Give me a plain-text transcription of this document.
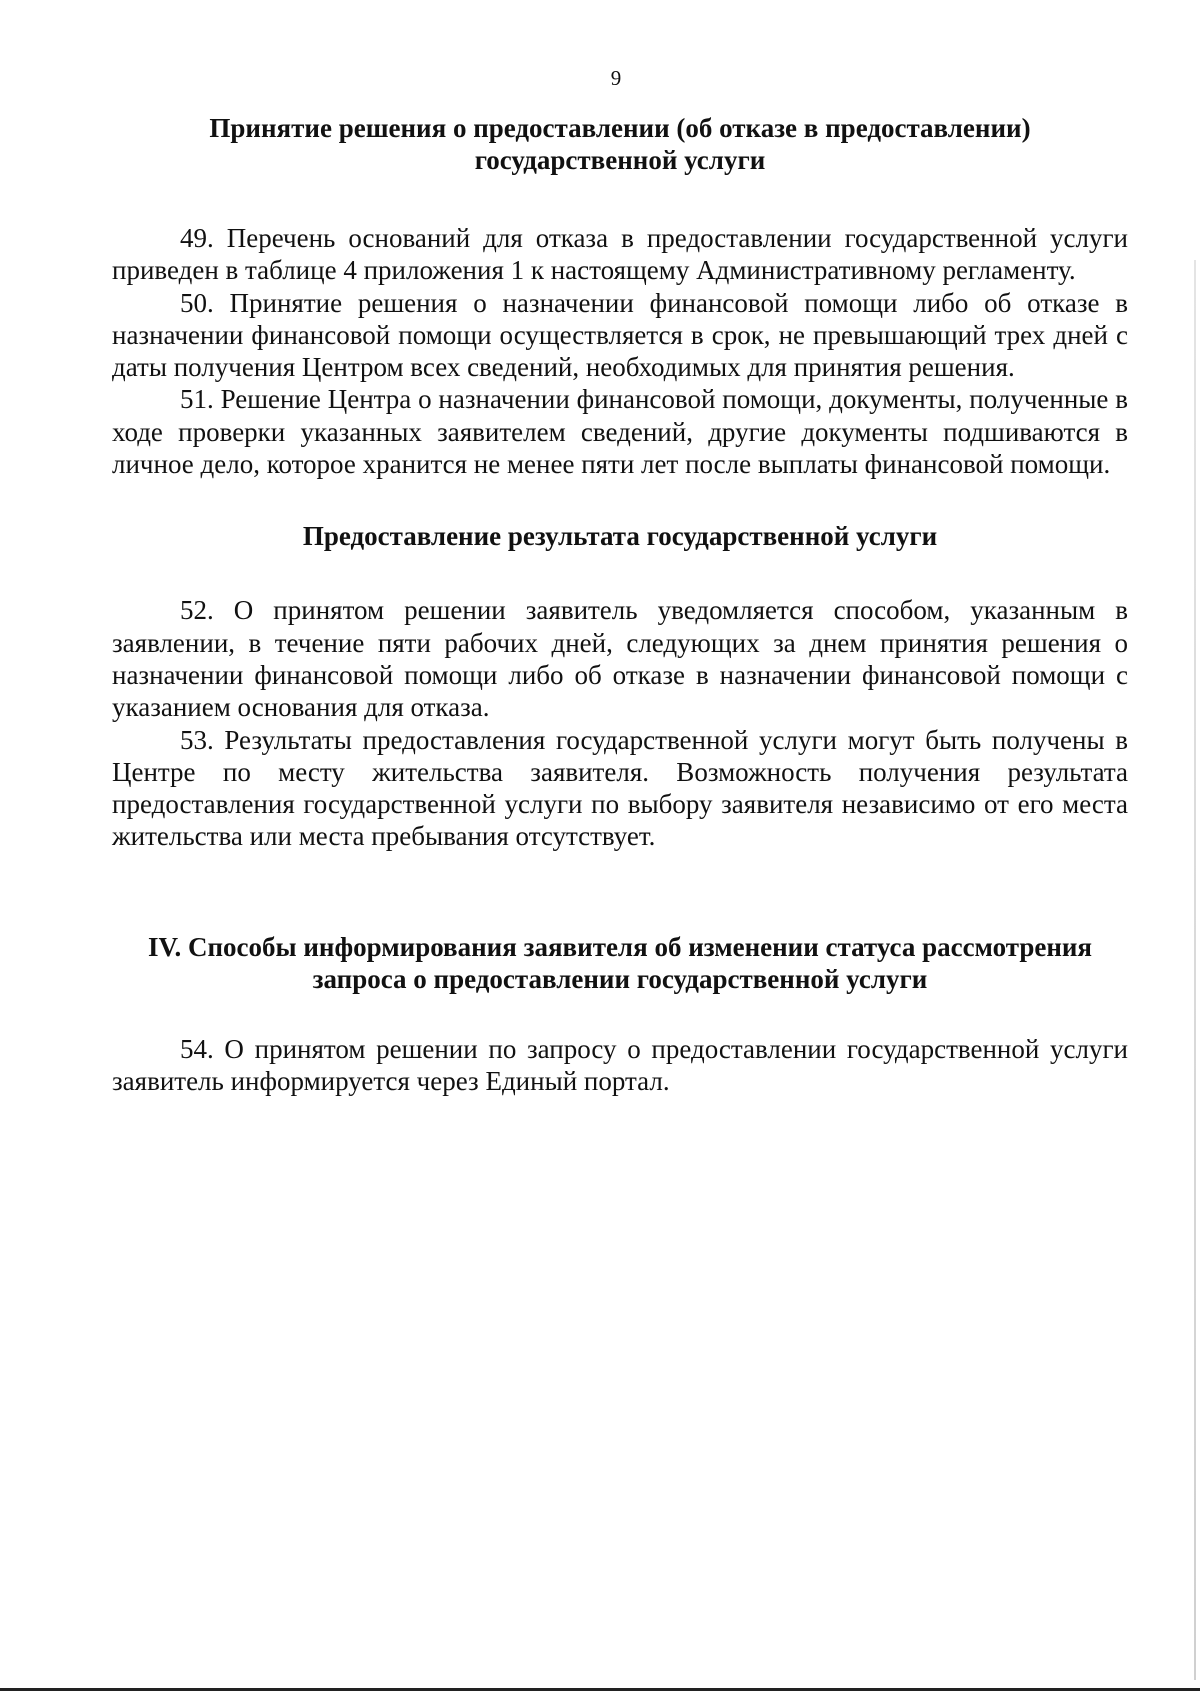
9
Принятие решения о предоставлении (об отказе в предоставлении)
государственной услуги

49. Перечень оснований для отказа в предоставлении государственной услуги приведен в таблице 4 приложения 1 к настоящему Административному регламенту.

50. Принятие решения о назначении финансовой помощи либо об отказе в назначении финансовой помощи осуществляется в срок, не превышающий трех дней с даты получения Центром всех сведений, необходимых для принятия решения.

51. Решение Центра о назначении финансовой помощи, документы, полученные в ходе проверки указанных заявителем сведений, другие документы подшиваются в личное дело, которое хранится не менее пяти лет после выплаты финансовой помощи.

Предоставление результата государственной услуги

52. О принятом решении заявитель уведомляется способом, указанным в заявлении, в течение пяти рабочих дней, следующих за днем принятия решения о назначении финансовой помощи либо об отказе в назначении финансовой помощи с указанием основания для отказа.

53. Результаты предоставления государственной услуги могут быть получены в Центре по месту жительства заявителя. Возможность получения результата предоставления государственной услуги по выбору заявителя независимо от его места жительства или места пребывания отсутствует.

IV. Способы информирования заявителя об изменении статуса рассмотрения
запроса о предоставлении государственной услуги

54. О принятом решении по запросу о предоставлении государственной услуги заявитель информируется через Единый портал.
